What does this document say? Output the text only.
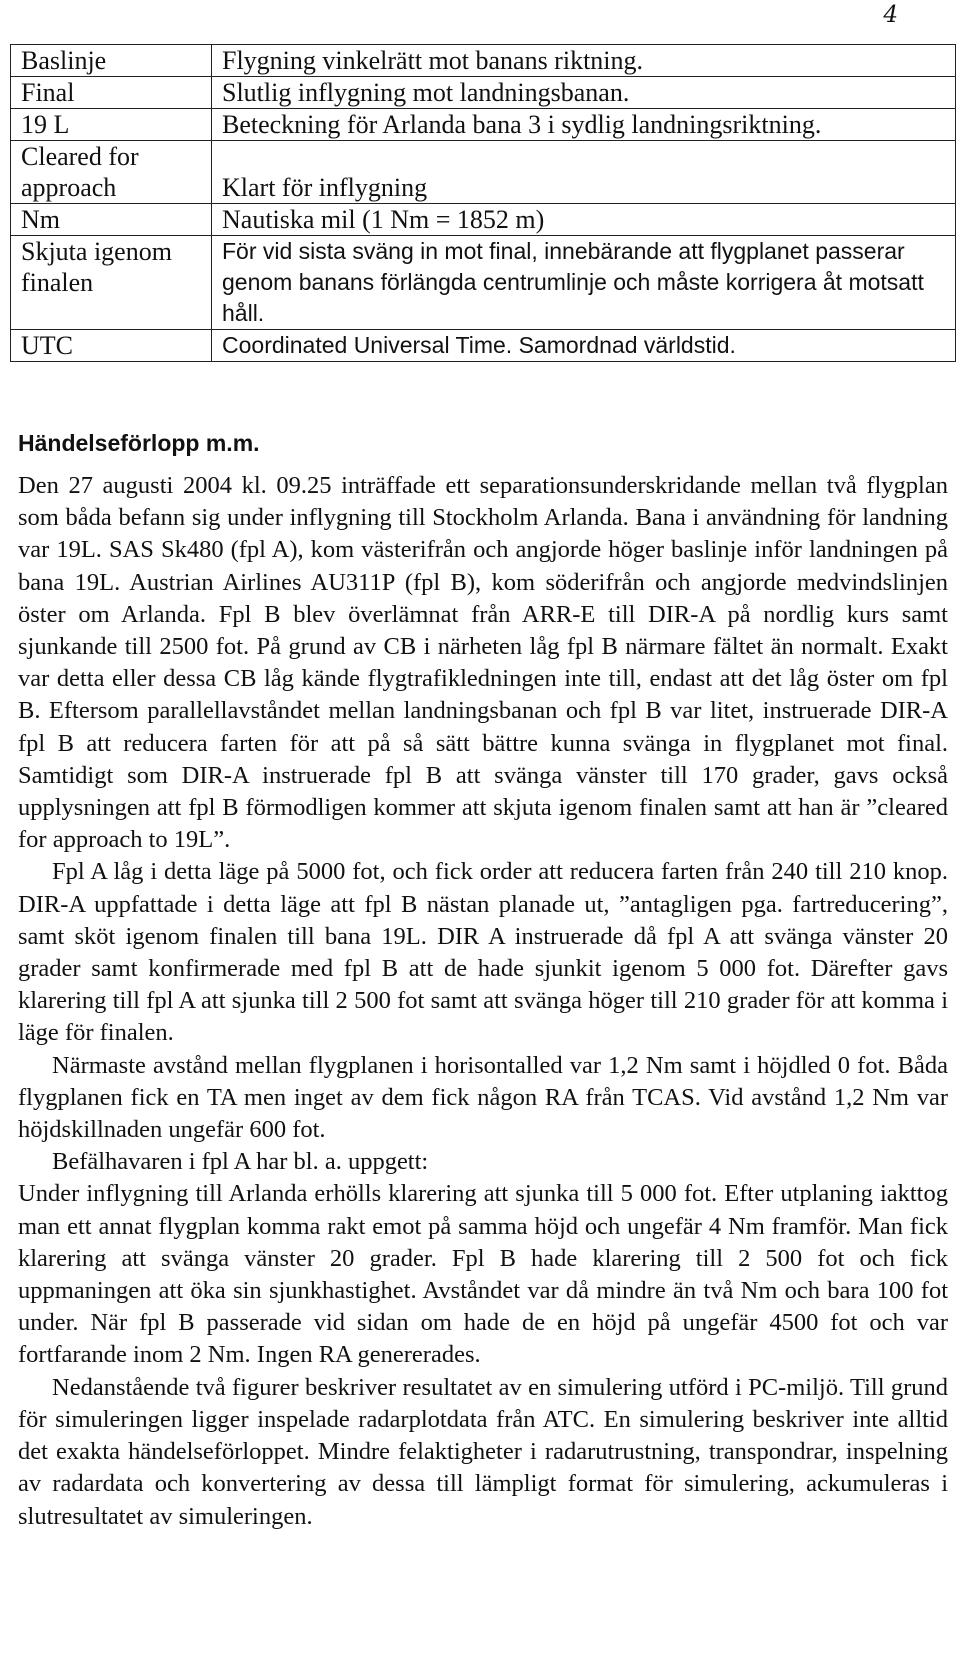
4
Baslinje	Flygning vinkelrätt mot banans riktning.
Final	Slutlig inflygning mot landningsbanan.
19 L	Beteckning för Arlanda bana 3 i sydlig landningsriktning.
Cleared for approach	Klart för inflygning
Nm	Nautiska mil (1 Nm = 1852 m)
Skjuta igenom finalen	För vid sista sväng in mot final, innebärande att flygplanet passerar genom banans förlängda centrumlinje och måste korrigera åt motsatt håll.
UTC	Coordinated Universal Time. Samordnad världstid.
Händelseförlopp m.m.

Den 27 augusti 2004 kl. 09.25 inträffade ett separationsunderskridande mellan två flygplan som båda befann sig under inflygning till Stockholm Arlanda. Bana i användning för landning var 19L. SAS Sk480 (fpl A), kom västerifrån och angjorde höger baslinje inför landningen på bana 19L. Austrian Airlines AU311P (fpl B), kom söderifrån och angjorde medvindslinjen öster om Arlanda. Fpl B blev överlämnat från ARR-E till DIR-A på nordlig kurs samt sjunkande till 2500 fot. På grund av CB i närheten låg fpl B närmare fältet än normalt. Exakt var detta eller dessa CB låg kände flygtrafikledningen inte till, endast att det låg öster om fpl B. Eftersom parallellavståndet mellan landningsbanan och fpl B var litet, instruerade DIR-A fpl B att reducera farten för att på så sätt bättre kunna svänga in flygplanet mot final. Samtidigt som DIR-A instruerade fpl B att svänga vänster till 170 grader, gavs också upplysningen att fpl B förmodligen kommer att skjuta igenom finalen samt att han är ”cleared for approach to 19L”.

Fpl A låg i detta läge på 5000 fot, och fick order att reducera farten från 240 till 210 knop. DIR-A uppfattade i detta läge att fpl B nästan planade ut, ”antagligen pga. fartreducering”, samt sköt igenom finalen till bana 19L. DIR A instruerade då fpl A att svänga vänster 20 grader samt konfirmerade med fpl B att de hade sjunkit igenom 5 000 fot. Därefter gavs klarering till fpl A att sjunka till 2 500 fot samt att svänga höger till 210 grader för att komma i läge för finalen.

Närmaste avstånd mellan flygplanen i horisontalled var 1,2 Nm samt i höjdled 0 fot. Båda flygplanen fick en TA men inget av dem fick någon RA från TCAS. Vid avstånd 1,2 Nm var höjdskillnaden ungefär 600 fot.

Befälhavaren i fpl A har bl. a. uppgett:

Under inflygning till Arlanda erhölls klarering att sjunka till 5 000 fot. Efter utplaning iakttog man ett annat flygplan komma rakt emot på samma höjd och ungefär 4 Nm framför. Man fick klarering att svänga vänster 20 grader. Fpl B hade klarering till 2 500 fot och fick uppmaningen att öka sin sjunkhastighet. Avståndet var då mindre än två Nm och bara 100 fot under. När fpl B passerade vid sidan om hade de en höjd på ungefär 4500 fot och var fortfarande inom 2 Nm. Ingen RA genererades.

Nedanstående två figurer beskriver resultatet av en simulering utförd i PC-miljö. Till grund för simuleringen ligger inspelade radarplotdata från ATC. En simulering beskriver inte alltid det exakta händelseförloppet. Mindre felaktigheter i radarutrustning, transpondrar, inspelning av radardata och konvertering av dessa till lämpligt format för simulering, ackumuleras i slutresultatet av simuleringen.
